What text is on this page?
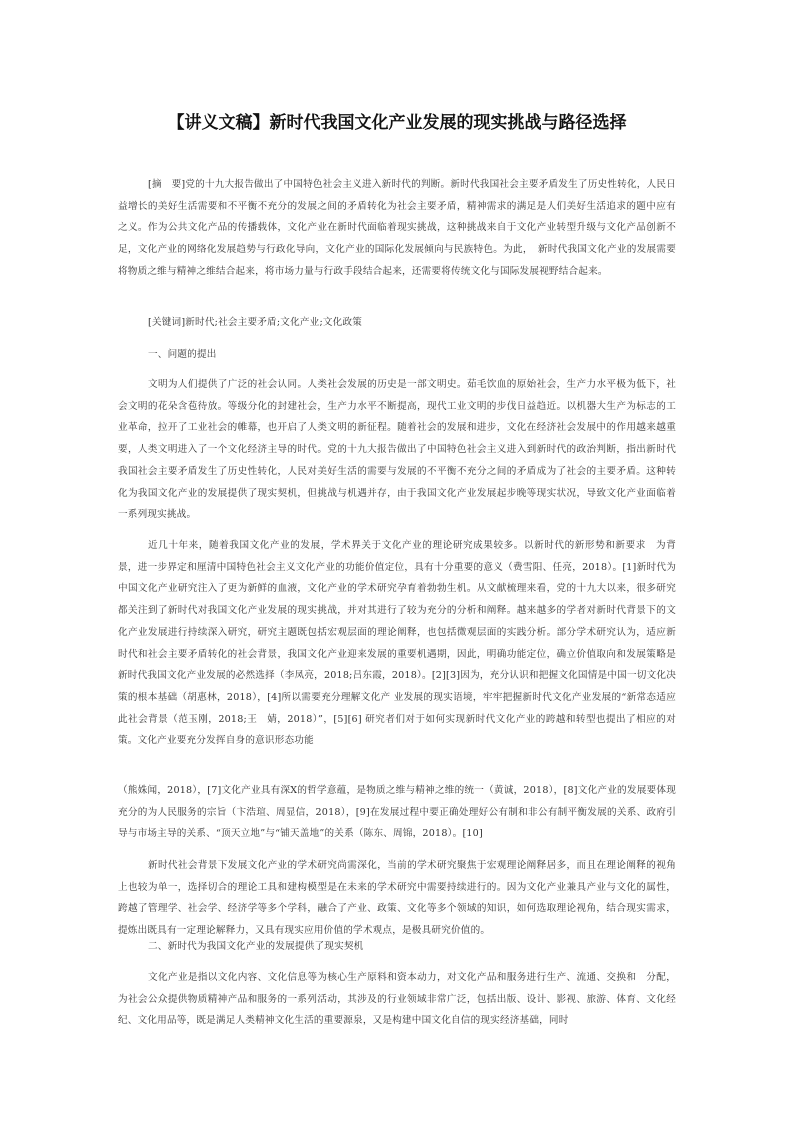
【讲义文稿】新时代我国文化产业发展的现实挑战与路径选择

[摘　要]党的十九大报告做出了中国特色社会主义进入新时代的判断。新时代我国社会主要矛盾发生了历史性转化，人民日益增长的美好生活需要和不平衡不充分的发展之间的矛盾转化为社会主要矛盾，精神需求的满足是人们美好生活追求的题中应有之义。作为公共文化产品的传播载体，文化产业在新时代面临着现实挑战，这种挑战来自于文化产业转型升级与文化产品创新不足，文化产业的网络化发展趋势与行政化导向，文化产业的国际化发展倾向与民族特色。为此，　新时代我国文化产业的发展需要将物质之维与精神之维结合起来，将市场力量与行政手段结合起来，还需要将传统文化与国际发展视野结合起来。

[关键词]新时代;社会主要矛盾;文化产业;文化政策

一、问题的提出

文明为人们提供了广泛的社会认同。人类社会发展的历史是一部文明史。茹毛饮血的原始社会，生产力水平极为低下，社会文明的花朵含苞待放。等级分化的封建社会，生产力水平不断提高，现代工业文明的步伐日益趋近。以机器大生产为标志的工业革命，拉开了工业社会的帷幕，也开启了人类文明的新征程。随着社会的发展和进步，文化在经济社会发展中的作用越来越重要，人类文明进入了一个文化经济主导的时代。党的十九大报告做出了中国特色社会主义进入到新时代的政治判断，指出新时代我国社会主要矛盾发生了历史性转化，人民对美好生活的需要与发展的不平衡不充分之间的矛盾成为了社会的主要矛盾。这种转化为我国文化产业的发展提供了现实契机，但挑战与机遇并存，由于我国文化产业发展起步晚等现实状况，导致文化产业面临着一系列现实挑战。

近几十年来，随着我国文化产业的发展，学术界关于文化产业的理论研究成果较多。以新时代的新形势和新要求　为背景，进一步界定和厘清中国特色社会主义文化产业的功能价值定位，具有十分重要的意义（费雪阳、任亮，2018）。[1]新时代为中国文化产业研究注入了更为新鲜的血液，文化产业的学术研究孕育着勃勃生机。从文献梳理来看，党的十九大以来，很多研究都关注到了新时代对我国文化产业发展的现实挑战，并对其进行了较为充分的分析和阐释。越来越多的学者对新时代背景下的文化产业发展进行持续深入研究，研究主题既包括宏观层面的理论阐释，也包括微观层面的实践分析。部分学术研究认为，适应新时代和社会主要矛盾转化的社会背景，我国文化产业迎来发展的重要机遇期，因此，明确功能定位，确立价值取向和发展策略是新时代我国文化产业发展的必然选择（李凤亮，2018;吕东霞，2018）。[2][3]因为，充分认识和把握文化国情是中国一切文化决策的根本基础（胡惠林，2018），[4]所以需要充分理解文化产 业发展的现实语境，牢牢把握新时代文化产业发展的“新常态适应此社会背景（范玉刚，2018;王　婧，2018）”，[5][6] 研究者们对于如何实现新时代文化产业的跨越和转型也提出了相应的对策。文化产业要充分发挥自身的意识形态功能

（熊姝闻，2018），[7]文化产业具有深Ⅹ的哲学意蕴，是物质之维与精神之维的统一（黄诚，2018），[8]文化产业的发展要体现充分的为人民服务的宗旨（卞浩瑄、周显信，2018），[9]在发展过程中要正确处理好公有制和非公有制平衡发展的关系、政府引导与市场主导的关系、“顶天立地”与“铺天盖地”的关系（陈东、周锦，2018）。[10]

新时代社会背景下发展文化产业的学术研究尚需深化，当前的学术研究聚焦于宏观理论阐释居多，而且在理论阐释的视角上也较为单一，选择切合的理论工具和建构模型是在未来的学术研究中需要持续进行的。因为文化产业兼具产业与文化的属性，跨越了管理学、社会学、经济学等多个学科，融合了产业、政策、文化等多个领域的知识，如何选取理论视角，结合现实需求，提炼出既具有一定理论解释力，又具有现实应用价值的学术观点，是极具研究价值的。

二、新时代为我国文化产业的发展提供了现实契机

文化产业是指以文化内容、文化信息等为核心生产原料和资本动力，对文化产品和服务进行生产、流通、交换和　分配，为社会公众提供物质精神产品和服务的一系列活动，其涉及的行业领域非常广泛，包括出版、设计、影视、旅游、体育、文化经纪、文化用品等，既是满足人类精神文化生活的重要源泉，又是构建中国文化自信的现实经济基础，同时
